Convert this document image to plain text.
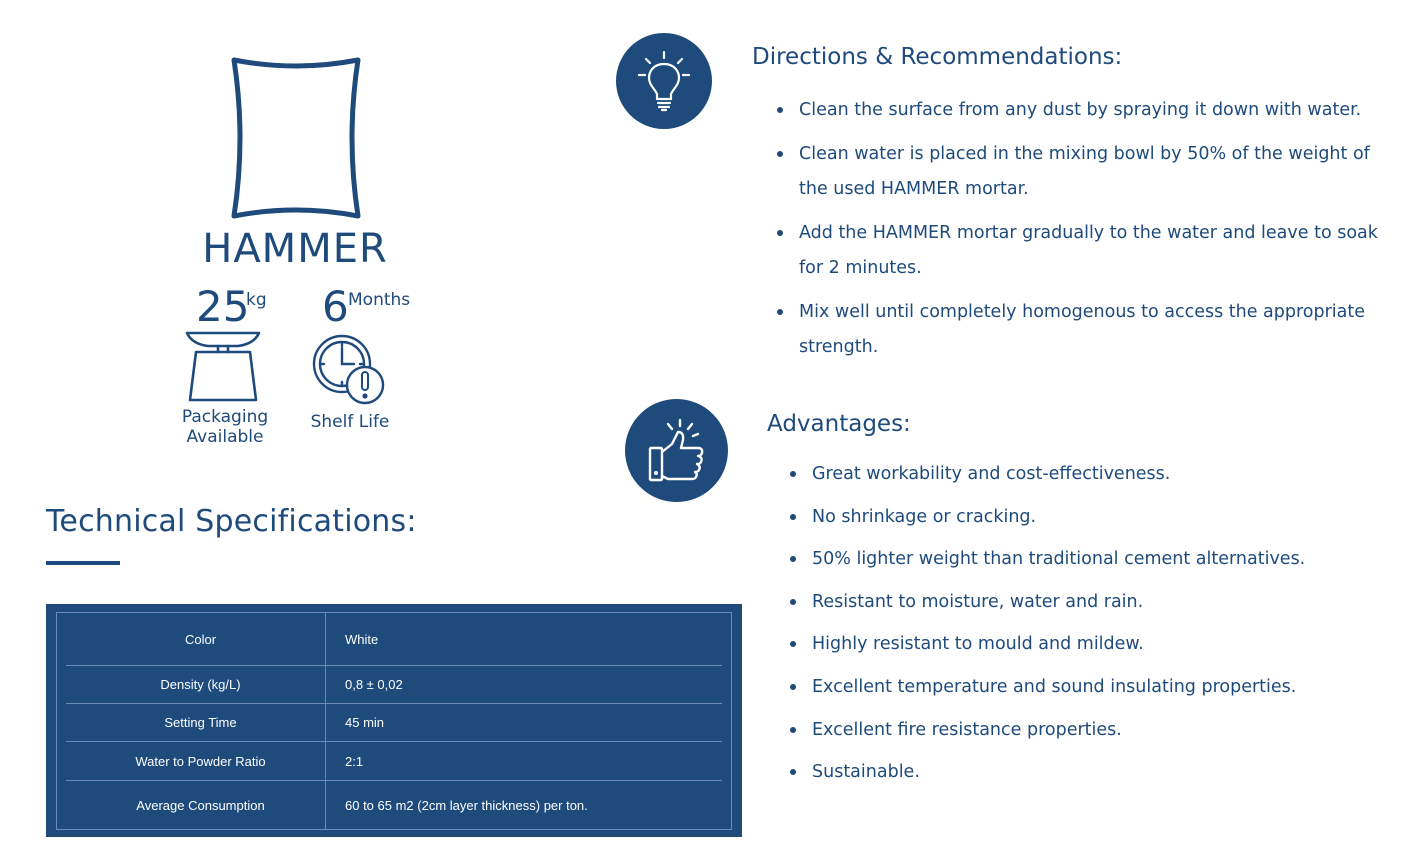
HAMMER
25
kg 6 Months
Packaging Available
Shelf Life
Technical Specifications:
Color	White
Density (kg/L)	0,8 ± 0,02
Setting Time	45 min
Water to Powder Ratio	2:1
Average Consumption	60 to 65 m2 (2cm layer thickness) per ton.
Directions & Recommendations:
Clean the surface from any dust by spraying it down with water.
Clean water is placed in the mixing bowl by 50% of the weight of the used HAMMER mortar.
Add the HAMMER mortar gradually to the water and leave to soak for 2 minutes.
Mix well until completely homogenous to access the appropriate strength.
Advantages:
Great workability and cost-effectiveness.
No shrinkage or cracking.
50% lighter weight than traditional cement alternatives.
Resistant to moisture, water and rain.
Highly resistant to mould and mildew.
Excellent temperature and sound insulating properties.
Excellent fire resistance properties.
Sustainable.
